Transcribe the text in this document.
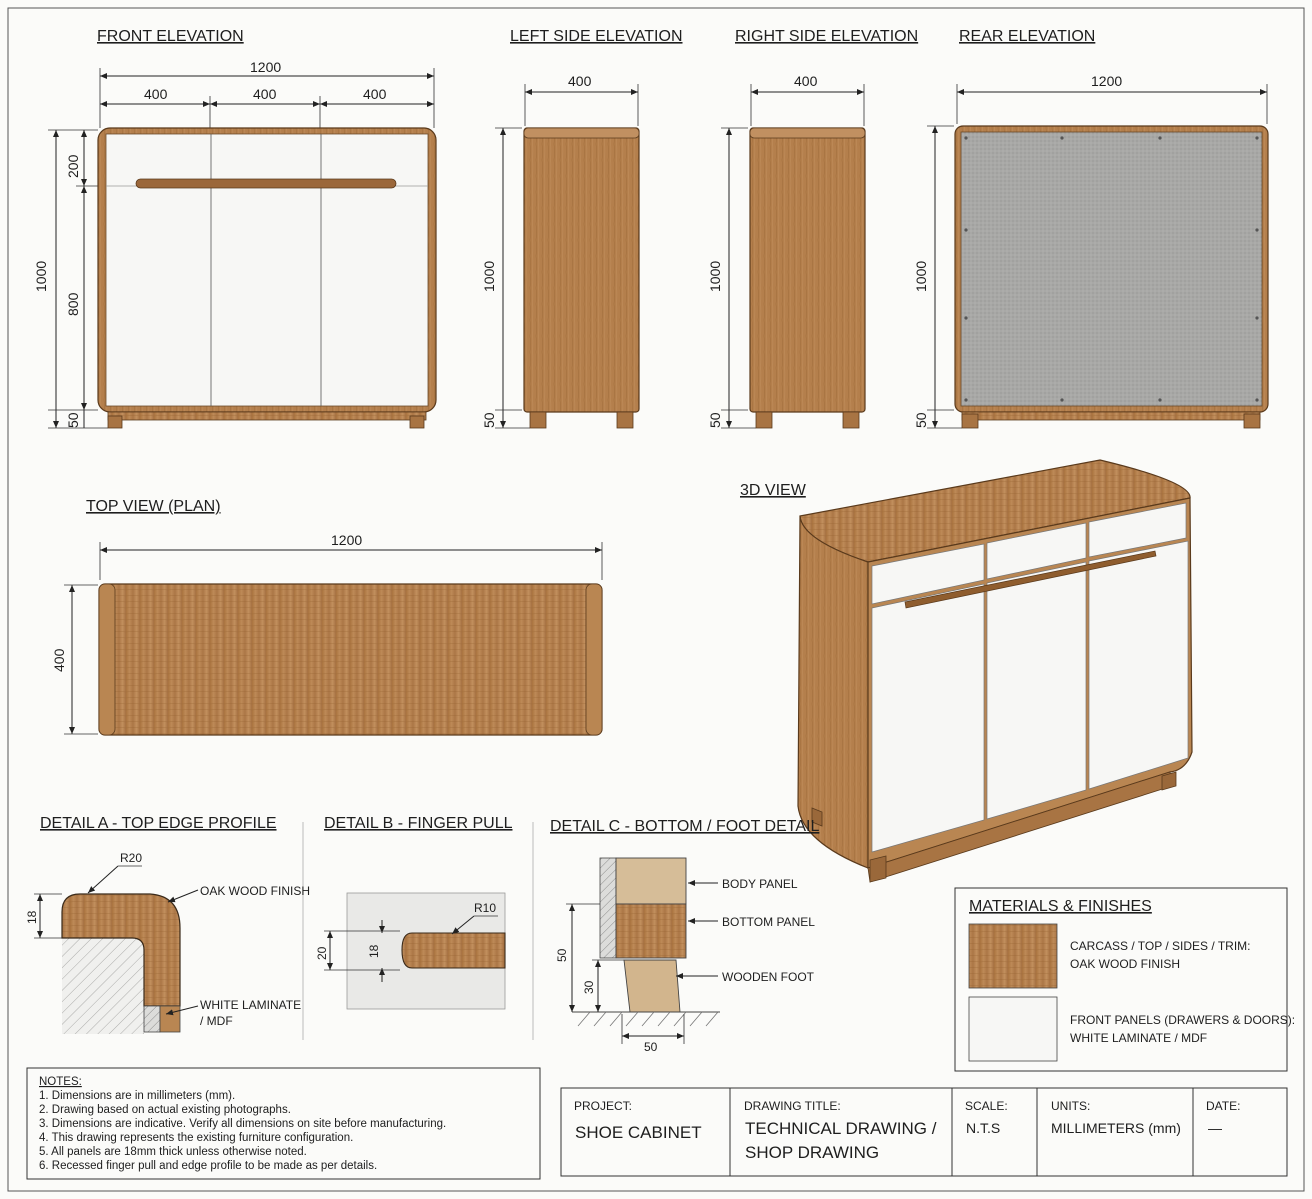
FRONT ELEVATION
1200
400	400	400
1000
200
800
50
LEFT SIDE ELEVATION
400
1000
50
RIGHT SIDE ELEVATION
400
1000
50
REAR ELEVATION
1200
1000
50
TOP VIEW (PLAN)
1200
400
3D VIEW
DETAIL A - TOP EDGE PROFILE
18
R20
OAK WOOD FINISH
WHITE LAMINATE
/ MDF
DETAIL B - FINGER PULL
20	18
R10
DETAIL C - BOTTOM / FOOT DETAIL
50
30
50
BODY PANEL
BOTTOM PANEL
WOODEN FOOT
MATERIALS & FINISHES
CARCASS / TOP / SIDES / TRIM:
OAK WOOD FINISH
FRONT PANELS (DRAWERS & DOORS):
WHITE LAMINATE / MDF
NOTES:
1. Dimensions are in millimeters (mm).
2. Drawing based on actual existing photographs.
3. Dimensions are indicative. Verify all dimensions on site before manufacturing.
4. This drawing represents the existing furniture configuration.
5. All panels are 18mm thick unless otherwise noted.
6. Recessed finger pull and edge profile to be made as per details.
PROJECT:
SHOE CABINET
DRAWING TITLE:
TECHNICAL DRAWING /
SHOP DRAWING
SCALE:
N.T.S
UNITS:
MILLIMETERS (mm)
DATE:
—
